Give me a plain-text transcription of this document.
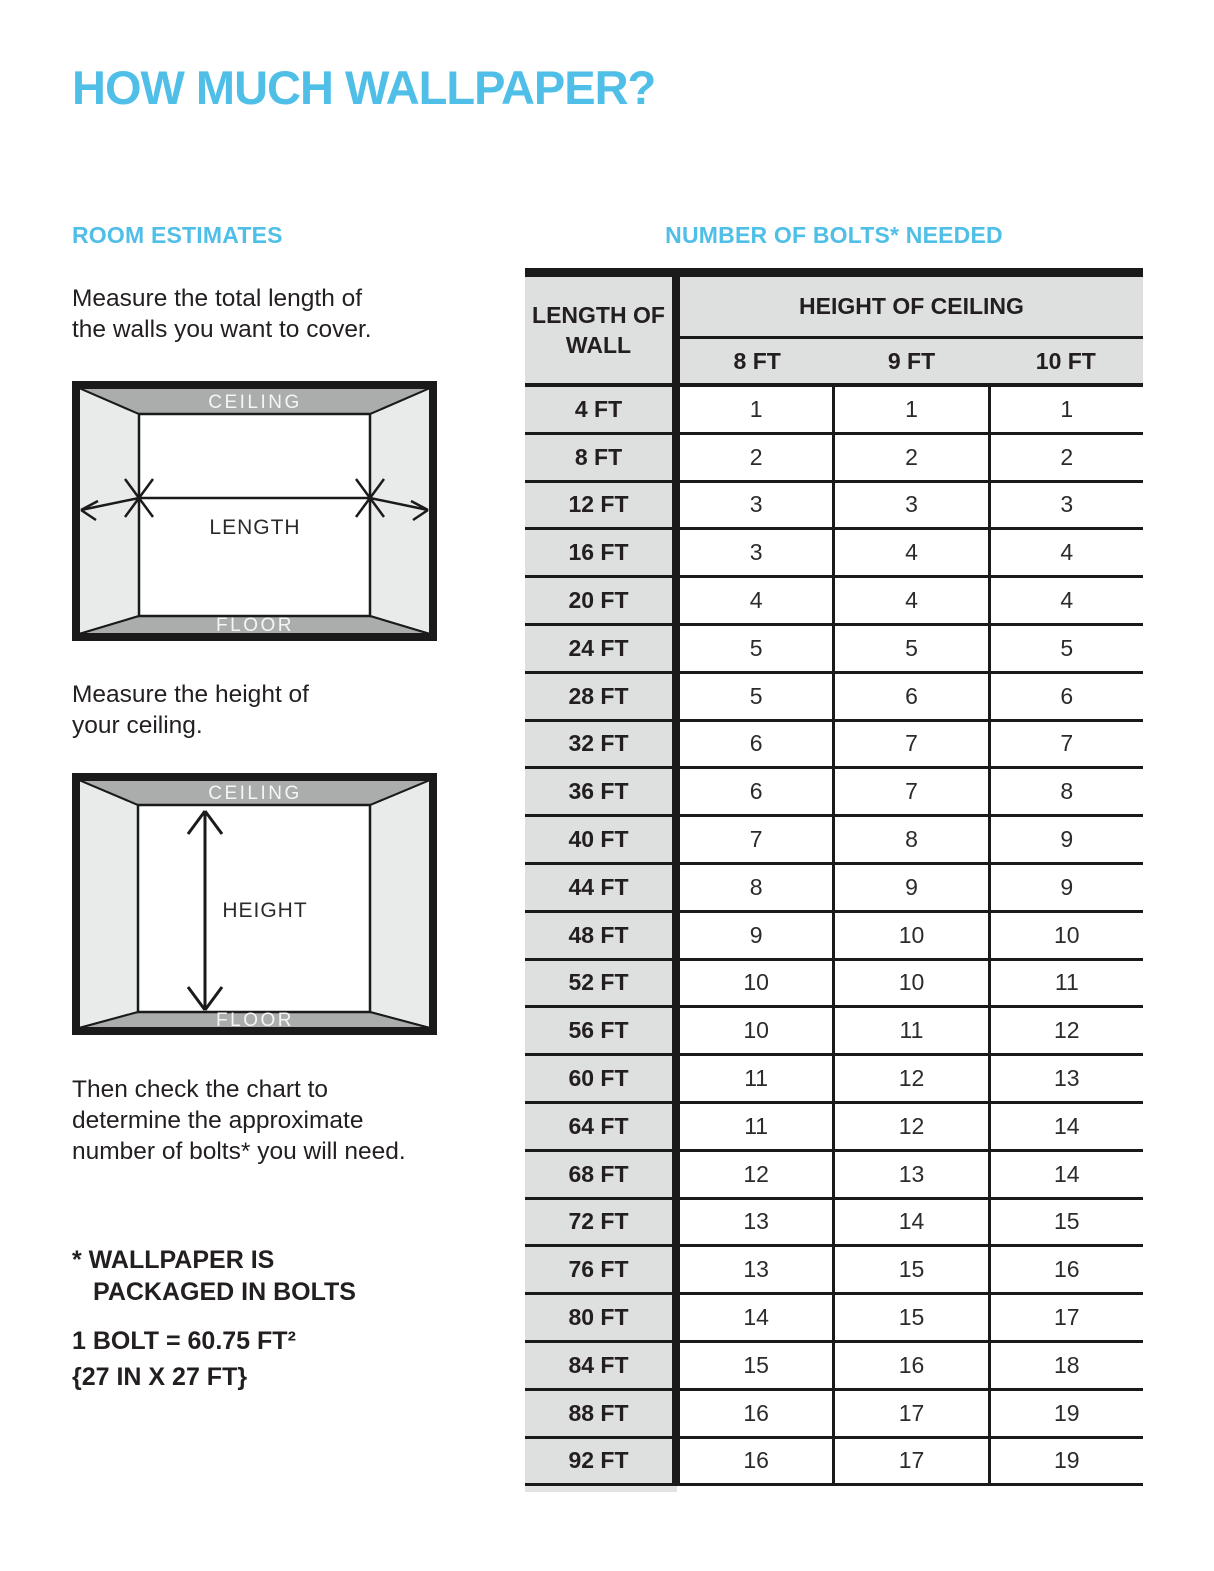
HOW MUCH WALLPAPER?
ROOM ESTIMATES	NUMBER OF BOLTS* NEEDED
Measure the total length of
the walls you want to cover.
CEILING
FLOOR
LENGTH
Measure the height of
your ceiling.
CEILING
FLOOR
HEIGHT
Then check the chart to
determine the approximate
number of bolts* you will need.
* WALLPAPER IS
PACKAGED IN BOLTS
1 BOLT = 60.75 FT²
{27 IN X 27 FT}
LENGTH OF WALL
HEIGHT OF CEILING
8 FT	9 FT	10 FT
4 FT	1	1	1
8 FT	2	2	2
12 FT	3	3	3
16 FT	3	4	4
20 FT	4	4	4
24 FT	5	5	5
28 FT	5	6	6
32 FT	6	7	7
36 FT	6	7	8
40 FT	7	8	9
44 FT	8	9	9
48 FT	9	10	10
52 FT	10	10	11
56 FT	10	11	12
60 FT	11	12	13
64 FT	11	12	14
68 FT	12	13	14
72 FT	13	14	15
76 FT	13	15	16
80 FT	14	15	17
84 FT	15	16	18
88 FT	16	17	19
92 FT	16	17	19
